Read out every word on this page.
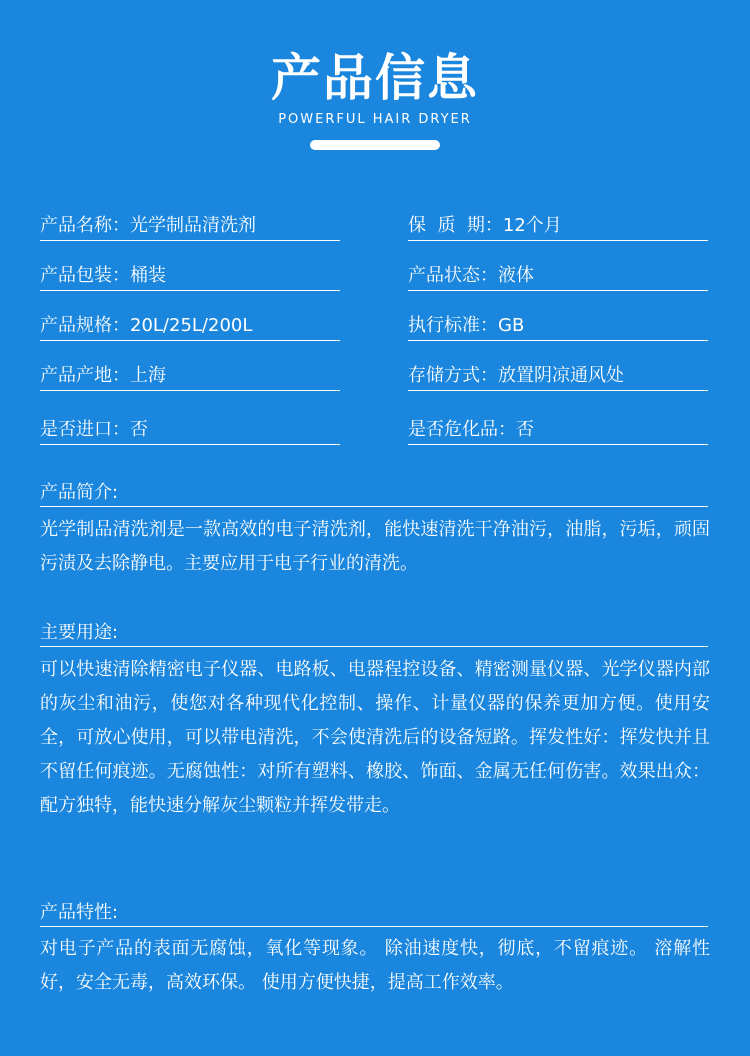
产品信息
POWERFUL HAIR DRYER
产品名称：光学制品清洗剂	保  质  期：12个月
产品包装：桶装	产品状态：液体
产品规格：20L/25L/200L	执行标准：GB
产品产地：上海	存储方式：放置阴凉通风处
是否进口：否	是否危化品：否
产品简介:
光学制品清洗剂是一款高效的电子清洗剂，能快速清洗干净油污，油脂，污垢，顽固污渍及去除静电。主要应用于电子行业的清洗。
主要用途:
可以快速清除精密电子仪器、电路板、电器程控设备、精密测量仪器、光学仪器内部的灰尘和油污，使您对各种现代化控制、操作、计量仪器的保养更加方便。使用安全，可放心使用，可以带电清洗，不会使清洗后的设备短路。挥发性好：挥发快并且不留任何痕迹。无腐蚀性：对所有塑料、橡胶、饰面、金属无任何伤害。效果出众：配方独特，能快速分解灰尘颗粒并挥发带走。
产品特性:
对电子产品的表面无腐蚀，氧化等现象。 除油速度快，彻底，不留痕迹。 溶解性好，安全无毒，高效环保。 使用方便快捷，提高工作效率。
